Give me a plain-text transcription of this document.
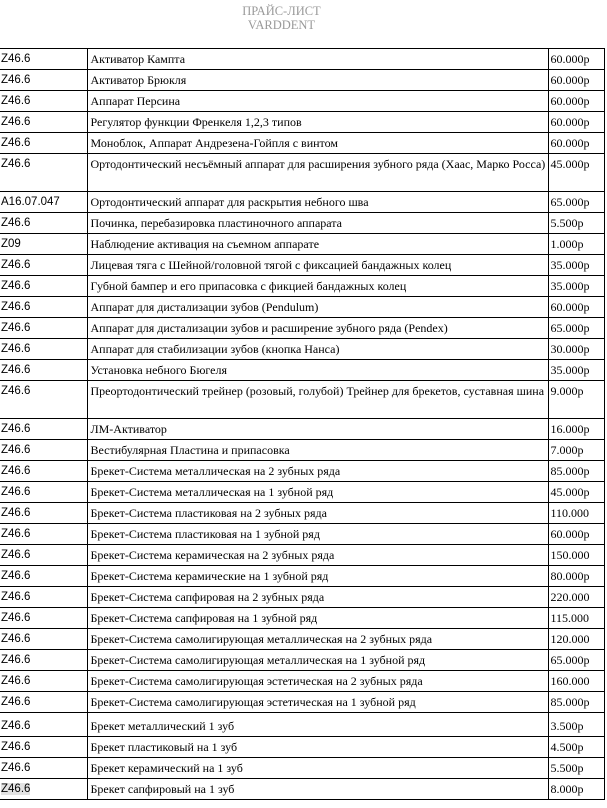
ПРАЙС-ЛИСТ
VARDDENT
Z46.6	Активатор Кампта	60.000р
Z46.6	Активатор Брюкля	60.000р
Z46.6	Аппарат Персина	60.000р
Z46.6	Регулятор функции Френкеля 1,2,3 типов	60.000р
Z46.6	Моноблок, Аппарат Андрезена-Гойпля с винтом	60.000р
Z46.6	Ортодонтический несъёмный аппарат для расширения зубного ряда (Хаас, Марко Росса)	45.000р
A16.07.047	Ортодонтический аппарат для раскрытия небного шва	65.000р
Z46.6	Починка, перебазировка пластиночного аппарата	5.500р
Z09	Наблюдение активация на съемном аппарате	1.000р
Z46.6	Лицевая тяга с Шейной/головной тягой с фиксацией бандажных колец	35.000р
Z46.6	Губной бампер и его припасовка с фикцией бандажных колец	35.000р
Z46.6	Аппарат для дистализации зубов (Pendulum)	60.000р
Z46.6	Аппарат для дистализации зубов и расширение зубного ряда (Pendex)	65.000р
Z46.6	Аппарат для стабилизации зубов (кнопка Нанса)	30.000р
Z46.6	Установка небного Бюгеля	35.000р
Z46.6	Преортодонтический трейнер (розовый, голубой) Трейнер для брекетов, суставная шина	9.000р
Z46.6	ЛМ-Активатор	16.000р
Z46.6	Вестибулярная Пластина и припасовка	7.000р
Z46.6	Брекет-Система металлическая на 2 зубных ряда	85.000р
Z46.6	Брекет-Система металлическая на 1 зубной ряд	45.000р
Z46.6	Брекет-Система пластиковая на 2 зубных ряда	110.000
Z46.6	Брекет-Система пластиковая на 1 зубной ряд	60.000р
Z46.6	Брекет-Система керамическая на 2 зубных ряда	150.000
Z46.6	Брекет-Система керамические на 1 зубной ряд	80.000р
Z46.6	Брекет-Система сапфировая на 2 зубных ряда	220.000
Z46.6	Брекет-Система сапфировая на 1 зубной ряд	115.000
Z46.6	Брекет-Система самолигирующая металлическая на 2 зубных ряда	120.000
Z46.6	Брекет-Система самолигирующая металлическая на 1 зубной ряд	65.000р
Z46.6	Брекет-Система самолигирующая эстетическая на 2 зубных ряда	160.000
Z46.6	Брекет-Система самолигирующая эстетическая на 1 зубной ряд	85.000р
Z46.6	Брекет металлический 1 зуб	3.500р
Z46.6	Брекет пластиковый на 1 зуб	4.500р
Z46.6	Брекет керамический на 1 зуб	5.500р
Z46.6	Брекет сапфировый на 1 зуб	8.000р
